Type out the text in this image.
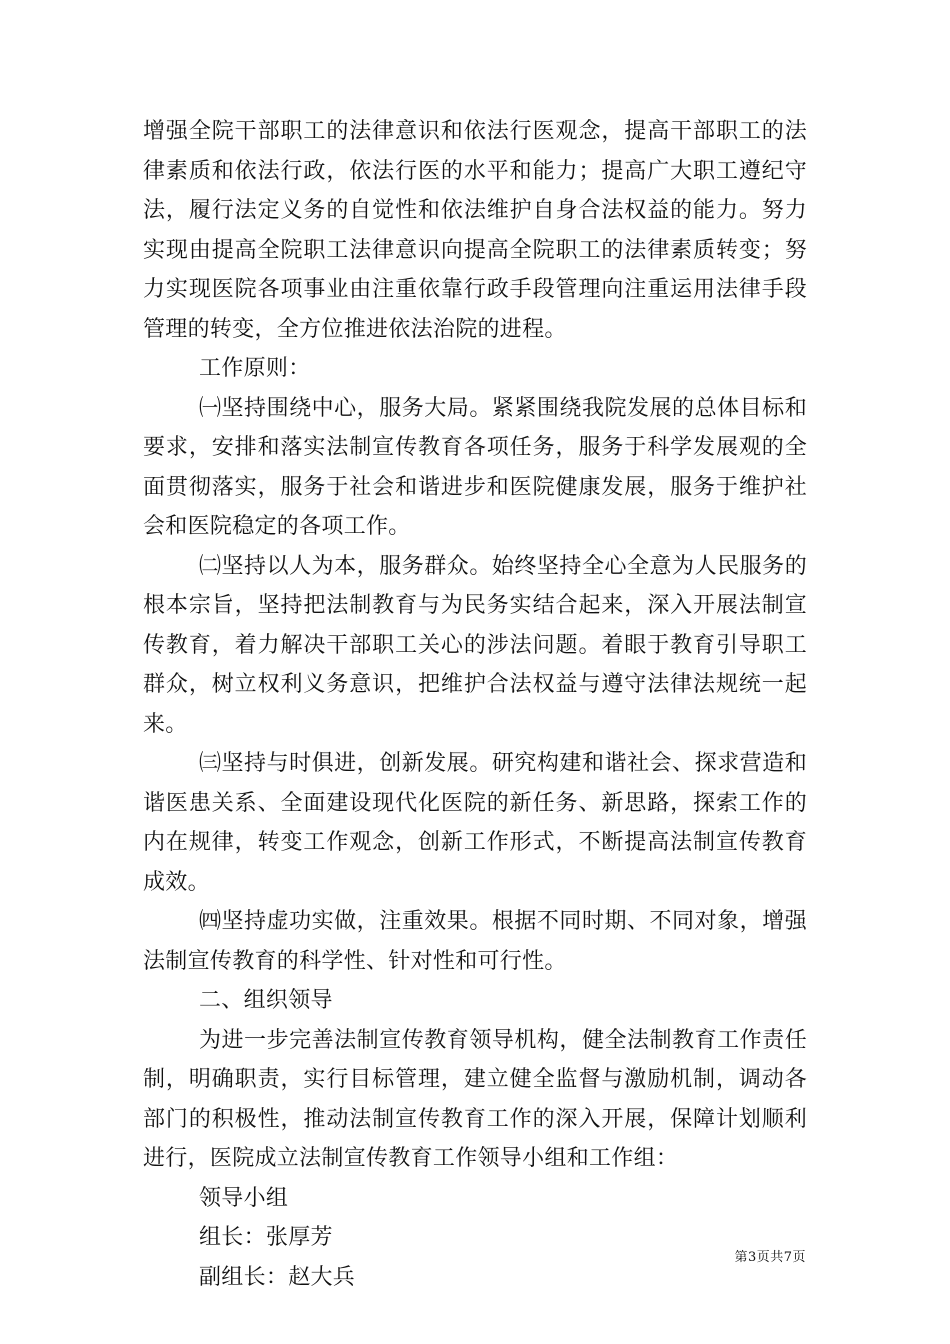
增强全院干部职工的法律意识和依法行医观念，提高干部职工的法律素质和依法行政，依法行医的水平和能力；提高广大职工遵纪守法，履行法定义务的自觉性和依法维护自身合法权益的能力。努力实现由提高全院职工法律意识向提高全院职工的法律素质转变；努力实现医院各项事业由注重依靠行政手段管理向注重运用法律手段管理的转变，全方位推进依法治院的进程。

工作原则：

㈠坚持围绕中心，服务大局。紧紧围绕我院发展的总体目标和要求，安排和落实法制宣传教育各项任务，服务于科学发展观的全面贯彻落实，服务于社会和谐进步和医院健康发展，服务于维护社会和医院稳定的各项工作。

㈡坚持以人为本，服务群众。始终坚持全心全意为人民服务的根本宗旨，坚持把法制教育与为民务实结合起来，深入开展法制宣传教育，着力解决干部职工关心的涉法问题。着眼于教育引导职工群众，树立权利义务意识，把维护合法权益与遵守法律法规统一起来。

㈢坚持与时俱进，创新发展。研究构建和谐社会、探求营造和谐医患关系、全面建设现代化医院的新任务、新思路，探索工作的内在规律，转变工作观念，创新工作形式，不断提高法制宣传教育成效。

㈣坚持虚功实做，注重效果。根据不同时期、不同对象，增强法制宣传教育的科学性、针对性和可行性。

二、组织领导

为进一步完善法制宣传教育领导机构，健全法制教育工作责任制，明确职责，实行目标管理，建立健全监督与激励机制，调动各部门的积极性，推动法制宣传教育工作的深入开展，保障计划顺利进行，医院成立法制宣传教育工作领导小组和工作组：

领导小组

组长：张厚芳

副组长：赵大兵

第3页共7页
